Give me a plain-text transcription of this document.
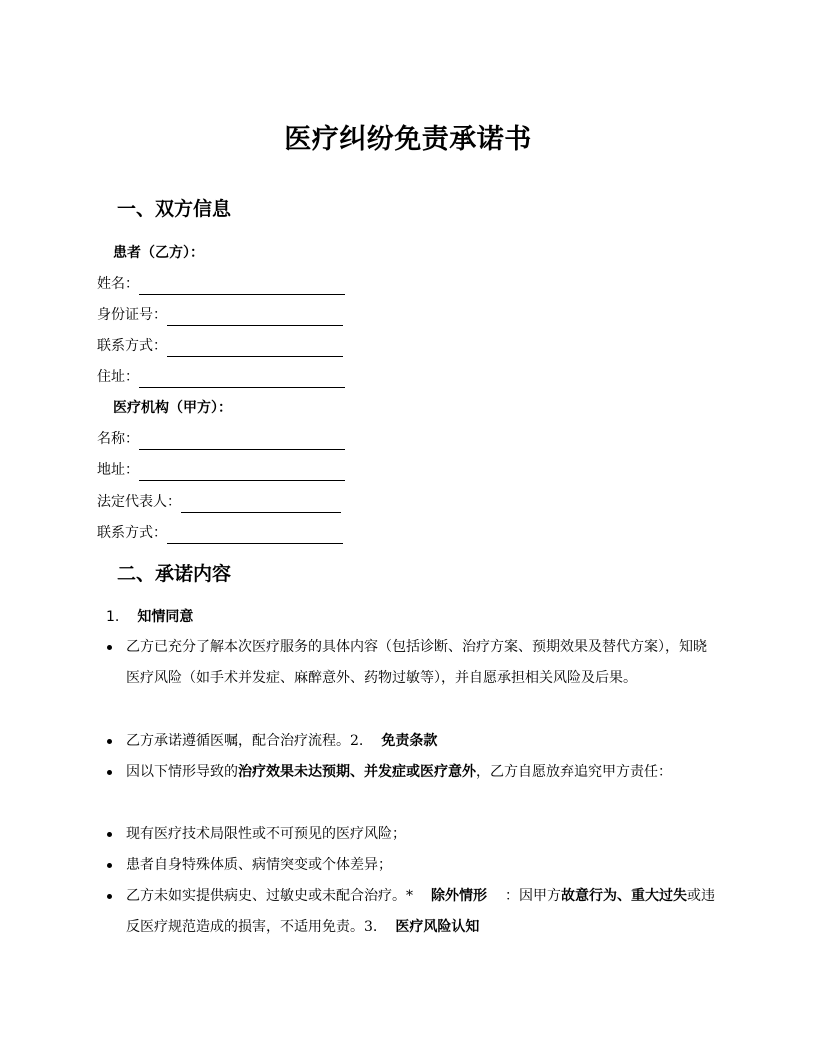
医疗纠纷免责承诺书
一、双方信息
患者（乙方）：
姓名：
身份证号：
联系方式：
住址：
医疗机构（甲方）：
名称：
地址：
法定代表人：
联系方式：
二、承诺内容
1. 知情同意
乙方已充分了解本次医疗服务的具体内容（包括诊断、治疗方案、预期效果及替代方案），知晓医疗风险（如手术并发症、麻醉意外、药物过敏等），并自愿承担相关风险及后果。
乙方承诺遵循医嘱，配合治疗流程。2. 免责条款
因以下情形导致的治疗效果未达预期、并发症或医疗意外，乙方自愿放弃追究甲方责任：
现有医疗技术局限性或不可预见的医疗风险；
患者自身特殊体质、病情突变或个体差异；
乙方未如实提供病史、过敏史或未配合治疗。* 除外情形 ：因甲方故意行为、重大过失或违反医疗规范造成的损害，不适用免责。3. 医疗风险认知
